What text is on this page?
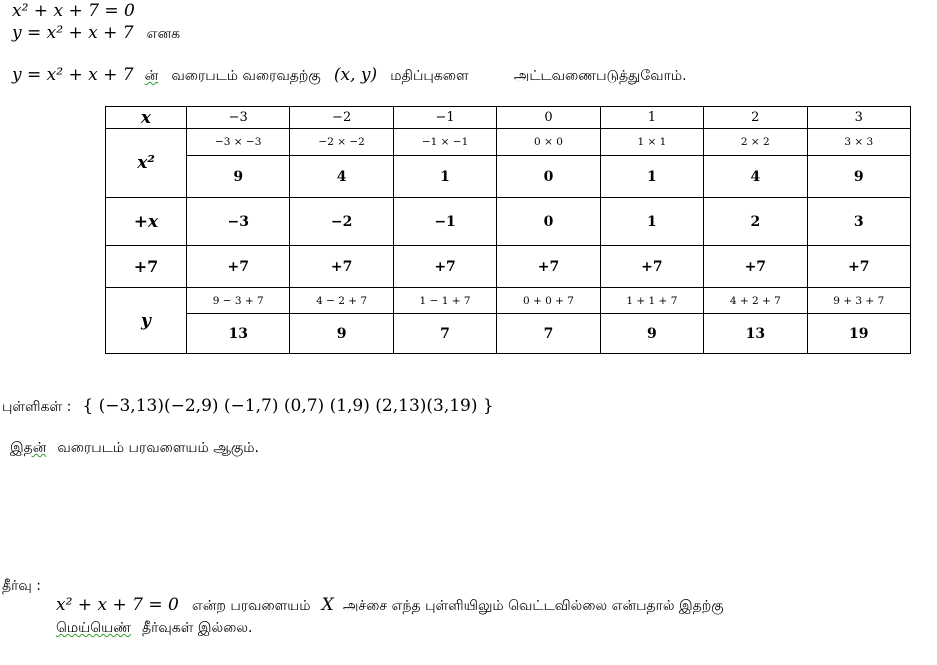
x² + x + 7 = 0
y = x² + x + 7 எனக
y = x² + x + 7 ன் வரைபடம் வரைவதற்கு (x, y) மதிப்புகளை	அட்டவணைபடுத்துவோம்.
x	−3	−2	−1	0	1	2	3
x²	−3 × −3	−2 × −2	−1 × −1	0 × 0	1 × 1	2 × 2	3 × 3
	9	4	1	0	1	4	9
+x	−3	−2	−1	0	1	2	3
+7	+7	+7	+7	+7	+7	+7	+7
y	9 − 3 + 7	4 − 2 + 7	1 − 1 + 7	0 + 0 + 7	1 + 1 + 7	4 + 2 + 7	9 + 3 + 7
	13	9	7	7	9	13	19
புள்ளிகள் : { (−3,13)(−2,9) (−1,7) (0,7) (1,9) (2,13)(3,19) }
இதன் வரைபடம் பரவளையம் ஆகும்.
தீர்வு :
x² + x + 7 = 0 என்ற பரவளையம் X அச்சை எந்த புள்ளியிலும் வெட்டவில்லை என்பதால் இதற்கு
மெய்யெண் தீர்வுகள் இல்லை.
